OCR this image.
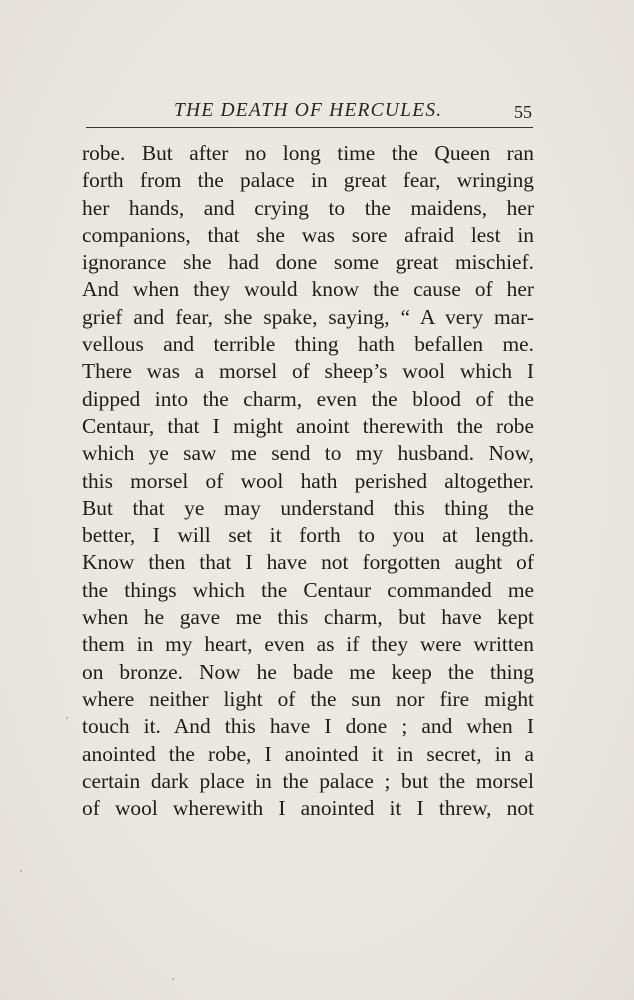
THE DEATH OF HERCULES.	55
robe. But after no long time the Queen ran
forth from the palace in great fear, wringing
her hands, and crying to the maidens, her
companions, that she was sore afraid lest in
ignorance she had done some great mischief.
And when they would know the cause of her
grief and fear, she spake, saying, “ A very mar-
vellous and terrible thing hath befallen me.
There was a morsel of sheep’s wool which I
dipped into the charm, even the blood of the
Centaur, that I might anoint therewith the robe
which ye saw me send to my husband. Now,
this morsel of wool hath perished altogether.
But that ye may understand this thing the
better, I will set it forth to you at length.
Know then that I have not forgotten aught of
the things which the Centaur commanded me
when he gave me this charm, but have kept
them in my heart, even as if they were written
on bronze. Now he bade me keep the thing
where neither light of the sun nor fire might
touch it. And this have I done ; and when I
anointed the robe, I anointed it in secret, in a
certain dark place in the palace ; but the morsel
of wool wherewith I anointed it I threw, not
